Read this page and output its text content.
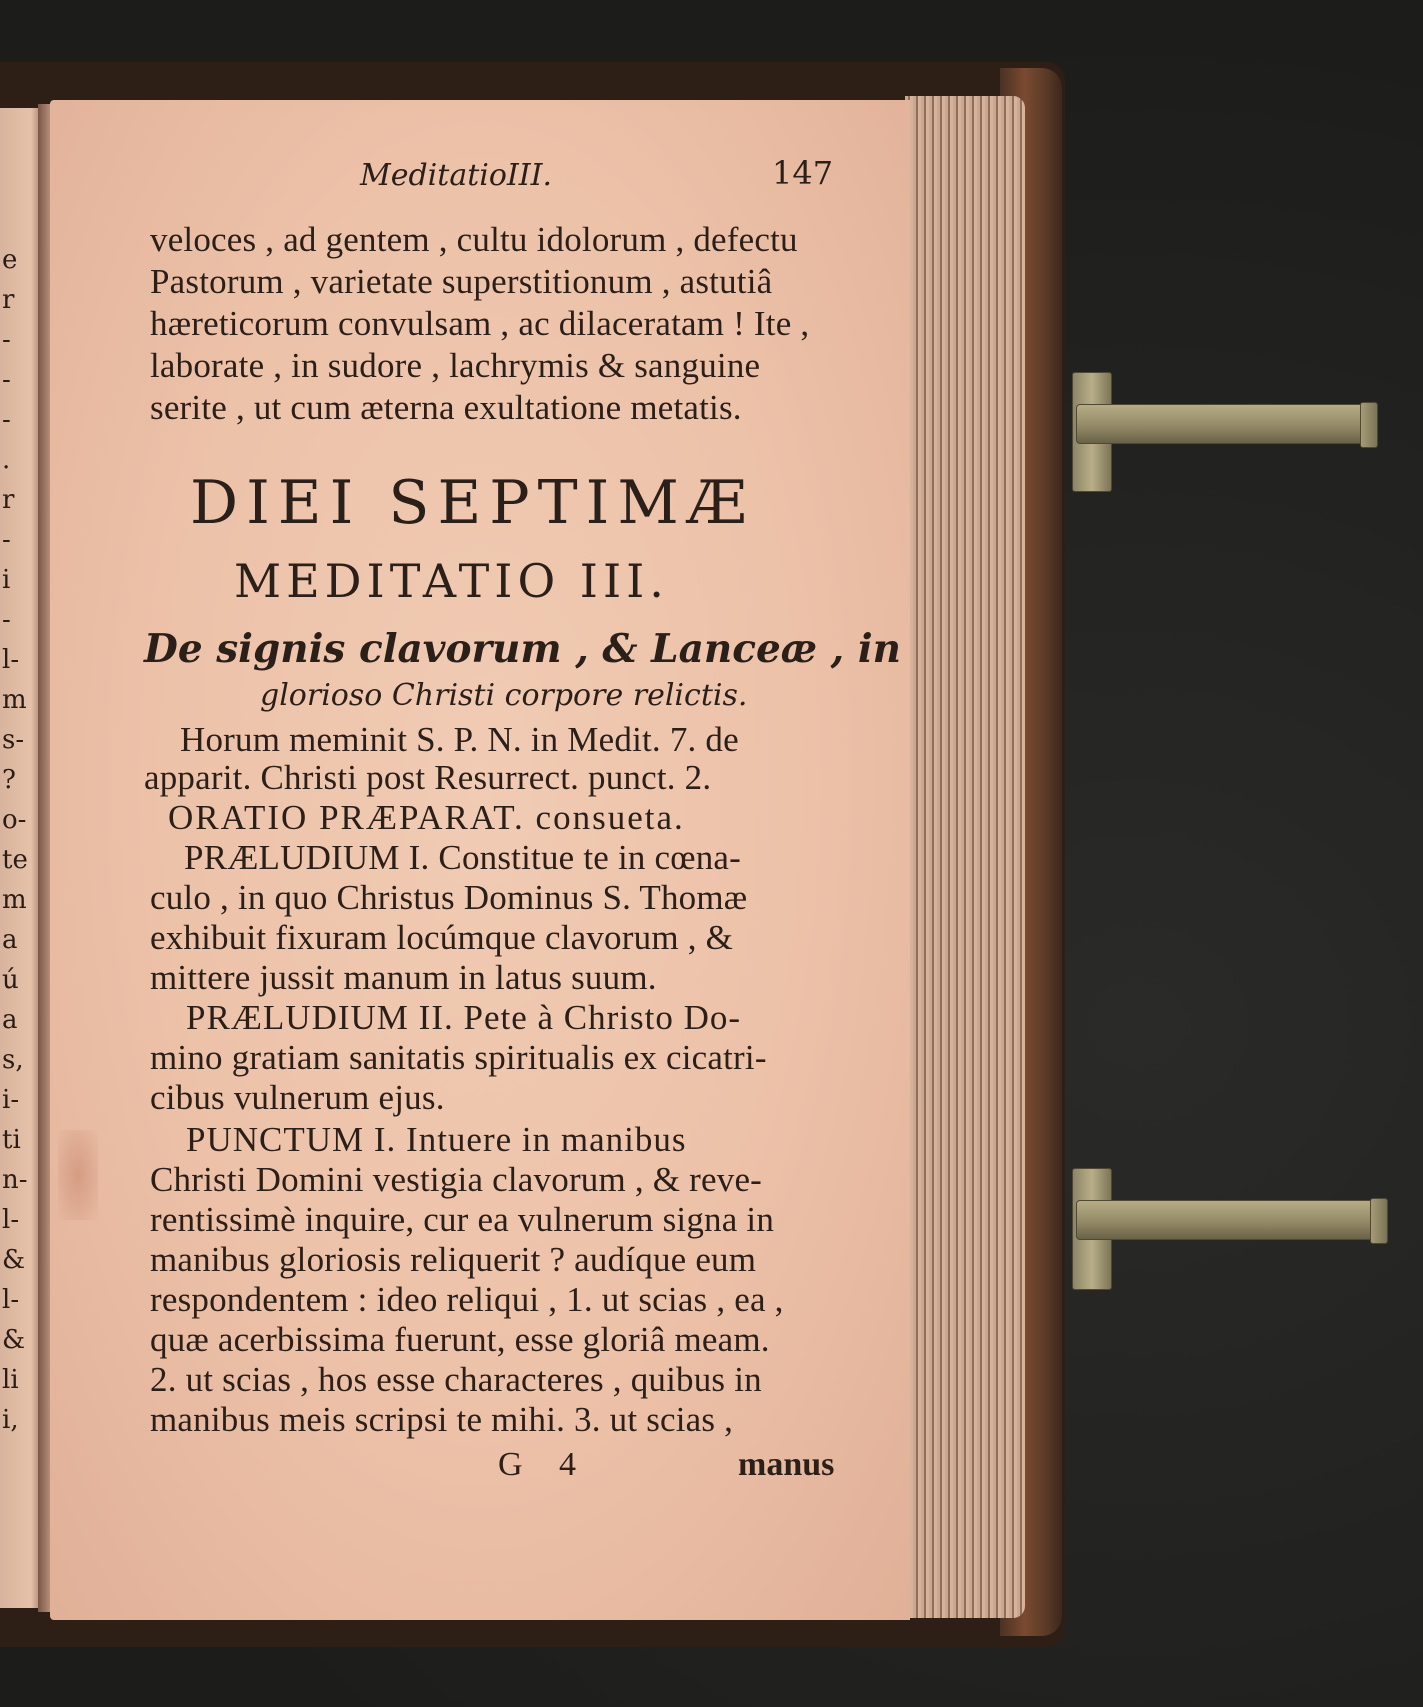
e
r
-
-
-
.
r
-
i
-
l-
m
s-
?
o-
te
m
a
ú
a
s,
i-
ti
n-
l-
&
l-
&
li
i,
MeditatioIII.	147
veloces , ad gentem , cultu idolorum , defectu
Pastorum , varietate superstitionum , astutiâ
hæreticorum convulsam , ac dilaceratam ! Ite ,
laborate , in sudore , lachrymis & sanguine
serite , ut cum æterna exultatione metatis.
DIEI SEPTIMÆ
MEDITATIO III.
De signis clavorum , & Lanceæ , in
glorioso Christi corpore relictis.
Horum meminit S. P. N. in Medit. 7. de
apparit. Christi post Resurrect. punct. 2.
ORATIO PRÆPARAT. consueta.
PRÆLUDIUM I. Constitue te in cœna-
culo , in quo Christus Dominus S. Thomæ
exhibuit fixuram locúmque clavorum , &
mittere jussit manum in latus suum.
PRÆLUDIUM II. Pete à Christo Do-
mino gratiam sanitatis spiritualis ex cicatri-
cibus vulnerum ejus.
PUNCTUM I. Intuere in manibus
Christi Domini vestigia clavorum , & reve-
rentissimè inquire, cur ea vulnerum signa in
manibus gloriosis reliquerit ? audíque eum
respondentem : ideo reliqui , 1. ut scias , ea ,
quæ acerbissima fuerunt, esse gloriâ meam.
2. ut scias , hos esse characteres , quibus in
manibus meis scripsi te mihi. 3. ut scias ,
G 4	manus
